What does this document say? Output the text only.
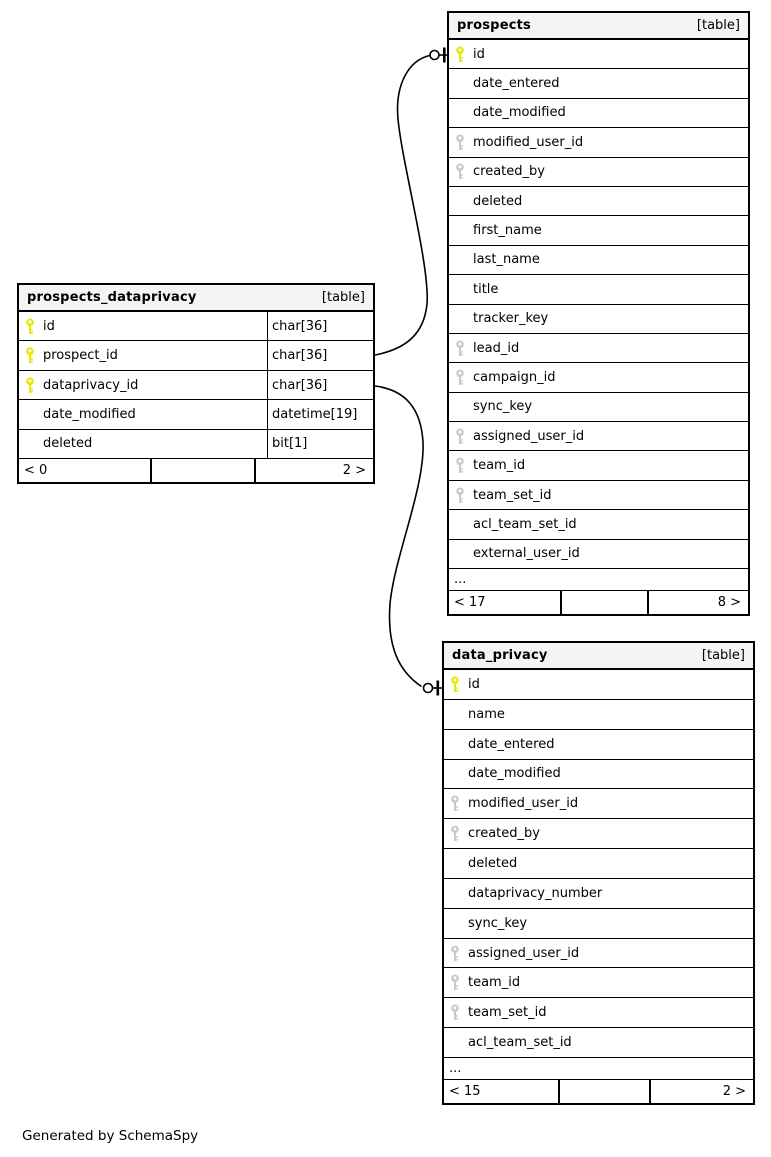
prospects_dataprivacy	[table]
id	char[36]
prospect_id	char[36]
dataprivacy_id	char[36]
date_modified	datetime[19]
deleted	bit[1]
< 0	2 >
prospects	[table]
id
date_entered
date_modified
modified_user_id
created_by
deleted
first_name
last_name
title
tracker_key
lead_id
campaign_id
sync_key
assigned_user_id
team_id
team_set_id
acl_team_set_id
external_user_id
...
< 17	8 >
data_privacy	[table]
id
name
date_entered
date_modified
modified_user_id
created_by
deleted
dataprivacy_number
sync_key
assigned_user_id
team_id
team_set_id
acl_team_set_id
...
< 15	2 >
Generated by SchemaSpy
